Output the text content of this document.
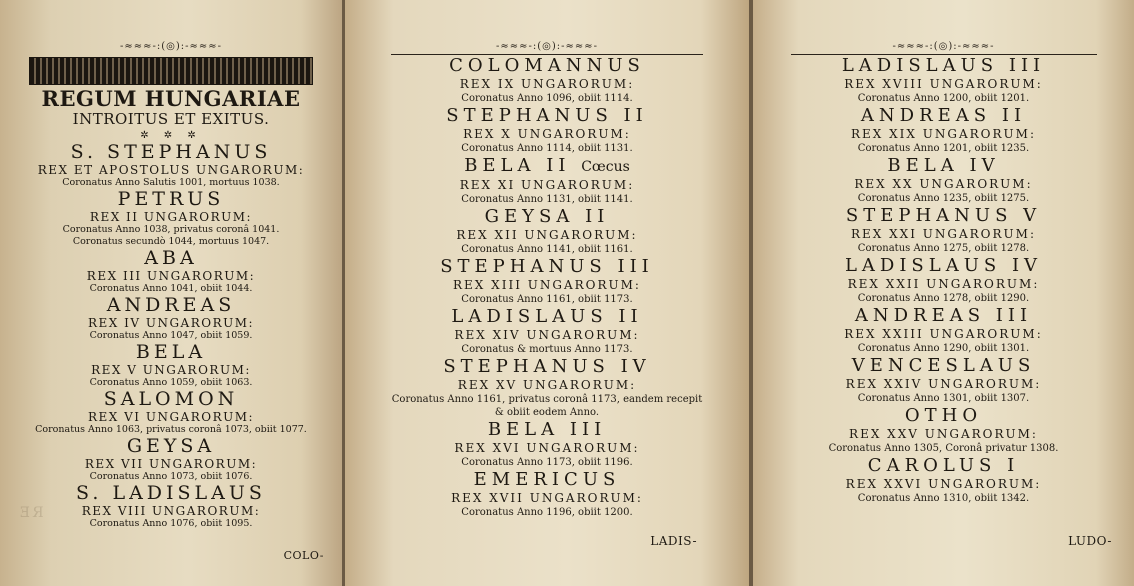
ƎЯ
-≈≈≈-:(◎):-≈≈≈-
REGUM HUNGARIAE
INTROITUS ET EXITUS.
✲ ✲ ✲
S. STEPHANUS
REX ET APOSTOLUS UNGARORUM:
Coronatus Anno Salutis 1001, mortuus 1038.
PETRUS
REX II UNGARORUM:
Coronatus Anno 1038, privatus coronâ 1041.
Coronatus secundò 1044, mortuus 1047.
ABA
REX III UNGARORUM:
Coronatus Anno 1041, obiit 1044.
ANDREAS
REX IV UNGARORUM:
Coronatus Anno 1047, obiit 1059.
BELA
REX V UNGARORUM:
Coronatus Anno 1059, obiit 1063.
SALOMON
REX VI UNGARORUM:
Coronatus Anno 1063, privatus coronâ 1073, obiit 1077.
GEYSA
REX VII UNGARORUM:
Coronatus Anno 1073, obiit 1076.
S. LADISLAUS
REX VIII UNGARORUM:
Coronatus Anno 1076, obiit 1095.
COLO-
-≈≈≈-:(◎):-≈≈≈-
COLOMANNUS
REX IX UNGARORUM:
Coronatus Anno 1096, obiit 1114.
STEPHANUS II
REX X UNGARORUM:
Coronatus Anno 1114, obiit 1131.
BELA II Cœcus
REX XI UNGARORUM:
Coronatus Anno 1131, obiit 1141.
GEYSA II
REX XII UNGARORUM:
Coronatus Anno 1141, obiit 1161.
STEPHANUS III
REX XIII UNGARORUM:
Coronatus Anno 1161, obiit 1173.
LADISLAUS II
REX XIV UNGARORUM:
Coronatus & mortuus Anno 1173.
STEPHANUS IV
REX XV UNGARORUM:
Coronatus Anno 1161, privatus coronâ 1173, eandem recepit
& obiit eodem Anno.
BELA III
REX XVI UNGARORUM:
Coronatus Anno 1173, obiit 1196.
EMERICUS
REX XVII UNGARORUM:
Coronatus Anno 1196, obiit 1200.
LADIS-
-≈≈≈-:(◎):-≈≈≈-
LADISLAUS III
REX XVIII UNGARORUM:
Coronatus Anno 1200, obiit 1201.
ANDREAS II
REX XIX UNGARORUM:
Coronatus Anno 1201, obiit 1235.
BELA IV
REX XX UNGARORUM:
Coronatus Anno 1235, obiit 1275.
STEPHANUS V
REX XXI UNGARORUM:
Coronatus Anno 1275, obiit 1278.
LADISLAUS IV
REX XXII UNGARORUM:
Coronatus Anno 1278, obiit 1290.
ANDREAS III
REX XXIII UNGARORUM:
Coronatus Anno 1290, obiit 1301.
VENCESLAUS
REX XXIV UNGARORUM:
Coronatus Anno 1301, obiit 1307.
OTHO
REX XXV UNGARORUM:
Coronatus Anno 1305, Coronâ privatur 1308.
CAROLUS I
REX XXVI UNGARORUM:
Coronatus Anno 1310, obiit 1342.
LUDO-
